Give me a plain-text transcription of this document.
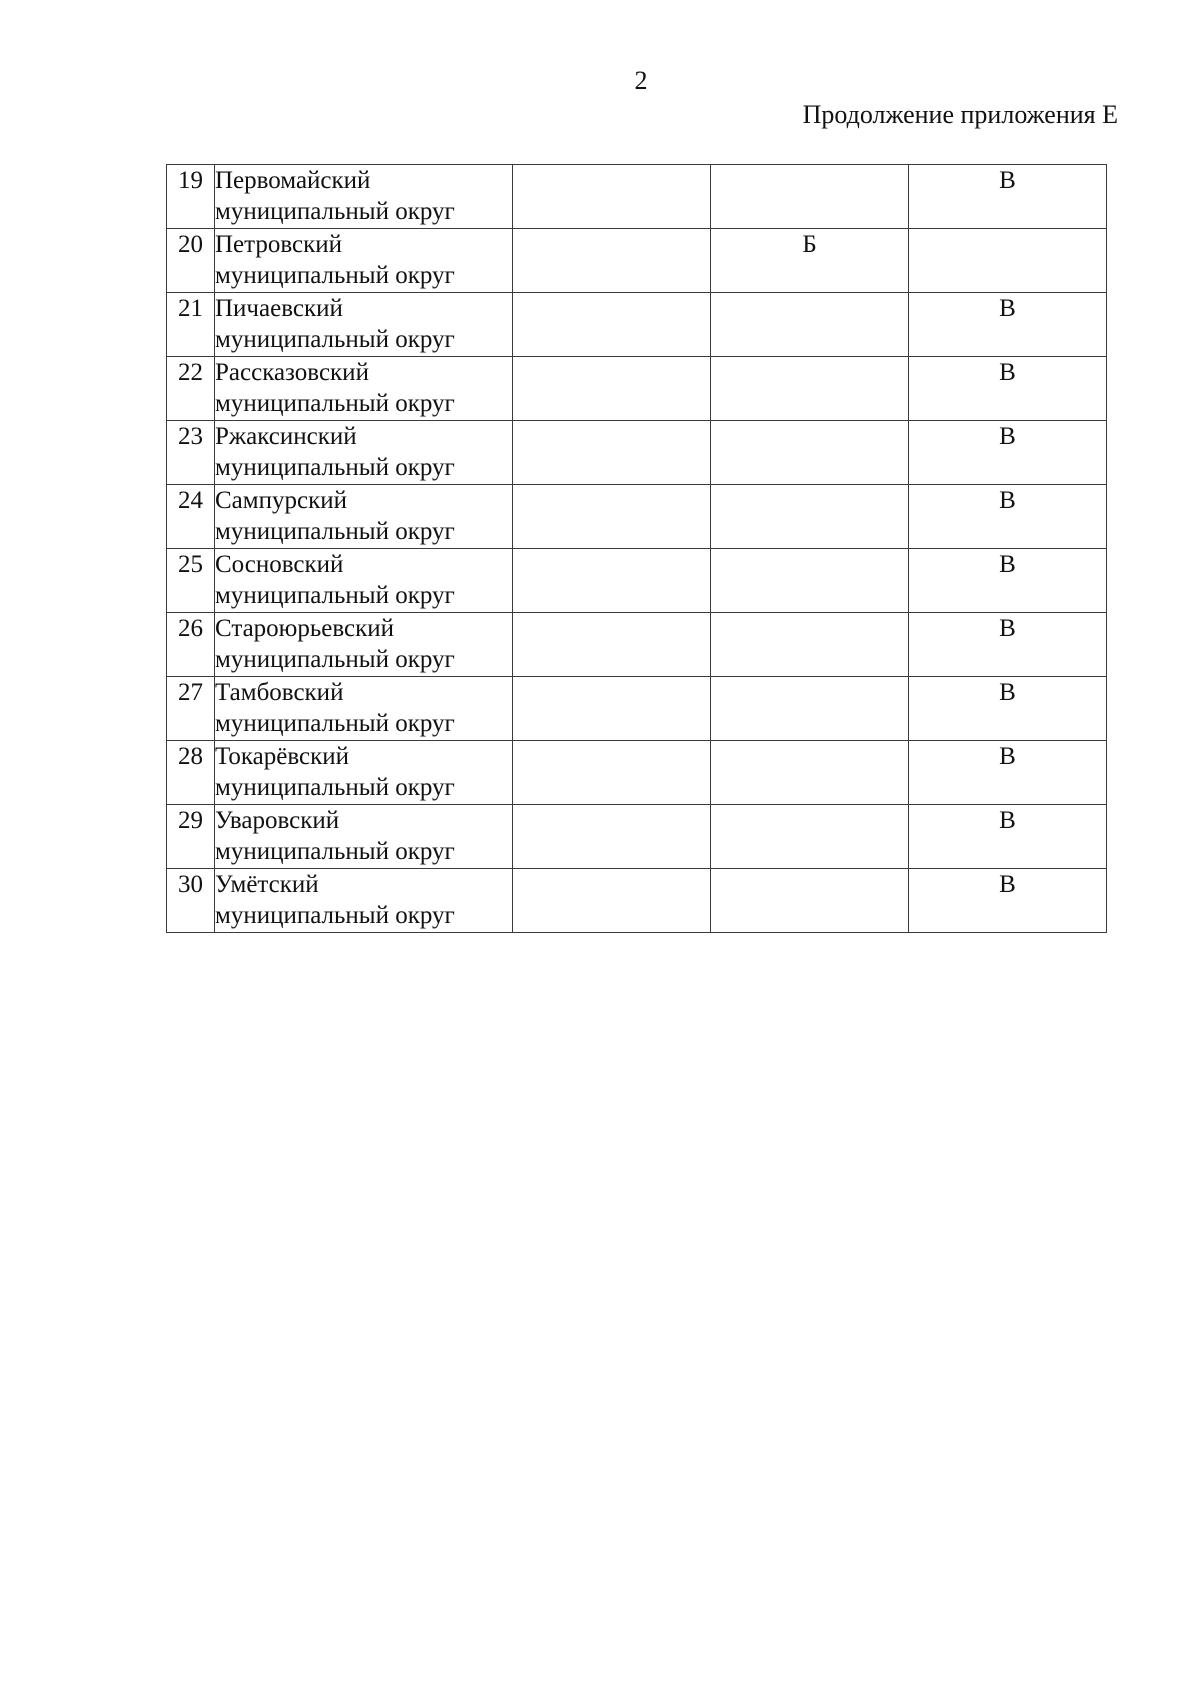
2
Продолжение приложения Е
19	Первомайский
муниципальный округ			В
20	Петровский
муниципальный округ		Б	
21	Пичаевский
муниципальный округ			В
22	Рассказовский
муниципальный округ			В
23	Ржаксинский
муниципальный округ			В
24	Сампурский
муниципальный округ			В
25	Сосновский
муниципальный округ			В
26	Староюрьевский
муниципальный округ			В
27	Тамбовский
муниципальный округ			В
28	Токарёвский
муниципальный округ			В
29	Уваровский
муниципальный округ			В
30	Умётский
муниципальный округ			В
